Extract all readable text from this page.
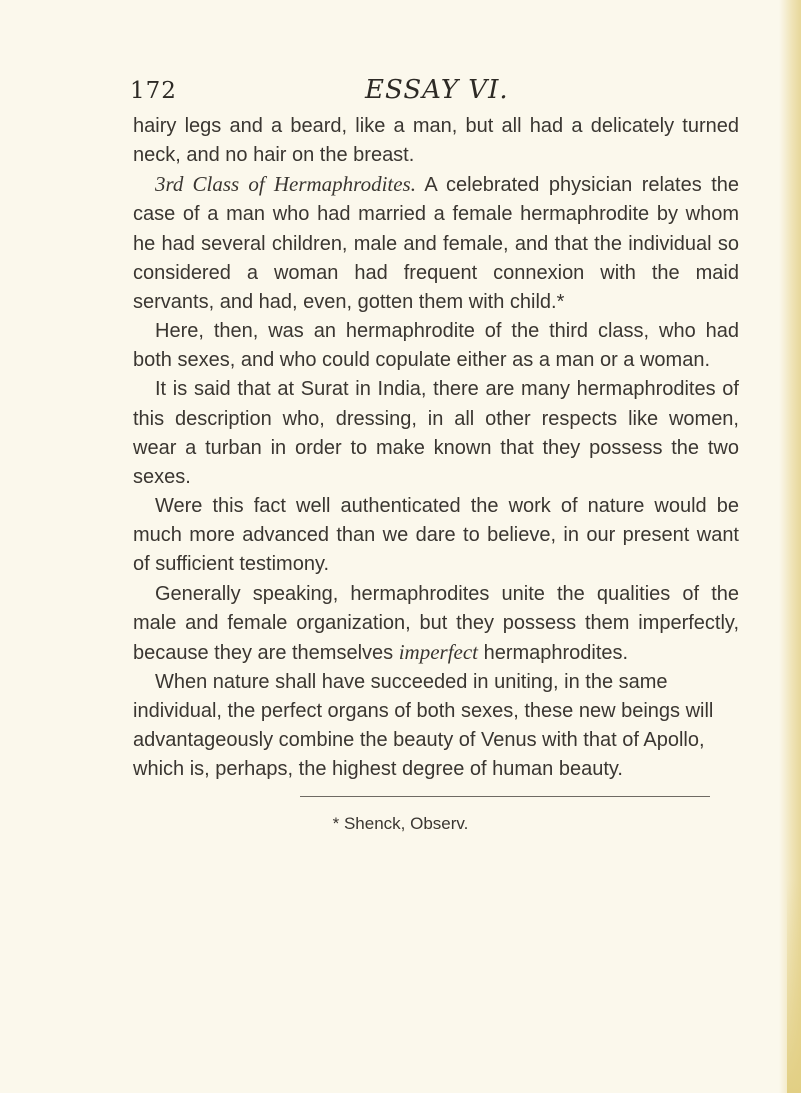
172	ESSAY VI.

hairy legs and a beard, like a man, but all had a delicately turned neck, and no hair on the breast.

3rd Class of Hermaphrodites. A celebrated physician relates the case of a man who had married a female hermaphrodite by whom he had several children, male and female, and that the individual so considered a woman had frequent connexion with the maid servants, and had, even, gotten them with child.*

Here, then, was an hermaphrodite of the third class, who had both sexes, and who could copulate either as a man or a woman.

It is said that at Surat in India, there are many hermaphrodites of this description who, dressing, in all other respects like women, wear a turban in order to make known that they possess the two sexes.

Were this fact well authenticated the work of nature would be much more advanced than we dare to believe, in our present want of sufficient testimony.

Generally speaking, hermaphrodites unite the qualities of the male and female organization, but they possess them imperfectly, because they are themselves imperfect hermaphrodites.

When nature shall have succeeded in uniting, in the same individual, the perfect organs of both sexes, these new beings will advantageously combine the beauty of Venus with that of Apollo, which is, perhaps, the highest degree of human beauty.

* Shenck, Observ.
